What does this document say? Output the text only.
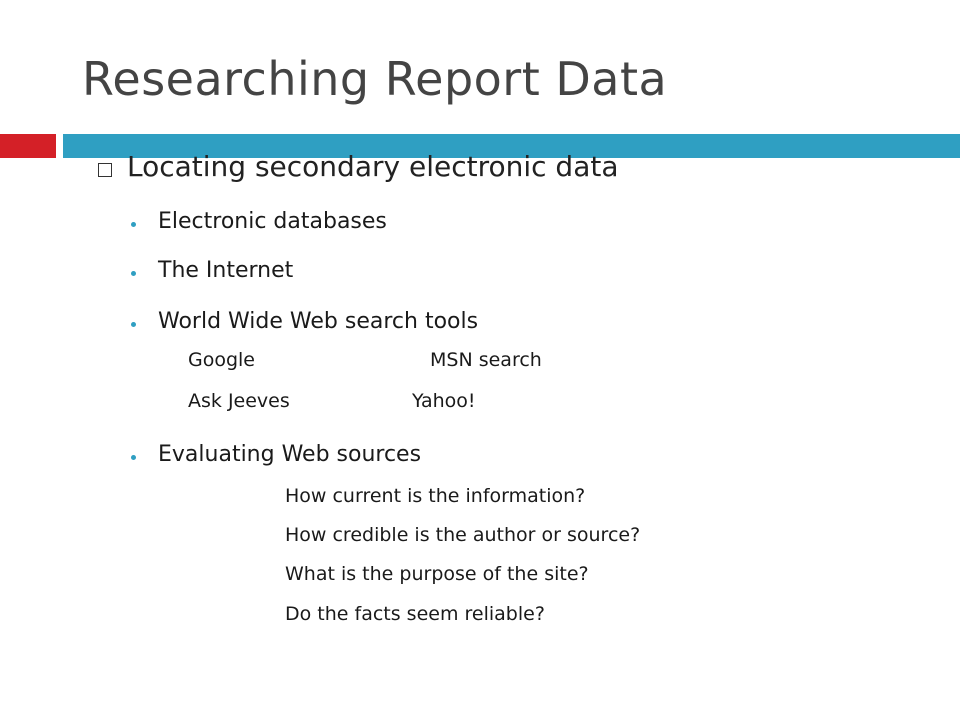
Researching Report Data
Locating secondary electronic data
Electronic databases
The Internet
World Wide Web search tools
Google	MSN search
Ask Jeeves	Yahoo!
Evaluating Web sources
How current is the information?
How credible is the author or source?
What is the purpose of the site?
Do the facts seem reliable?
